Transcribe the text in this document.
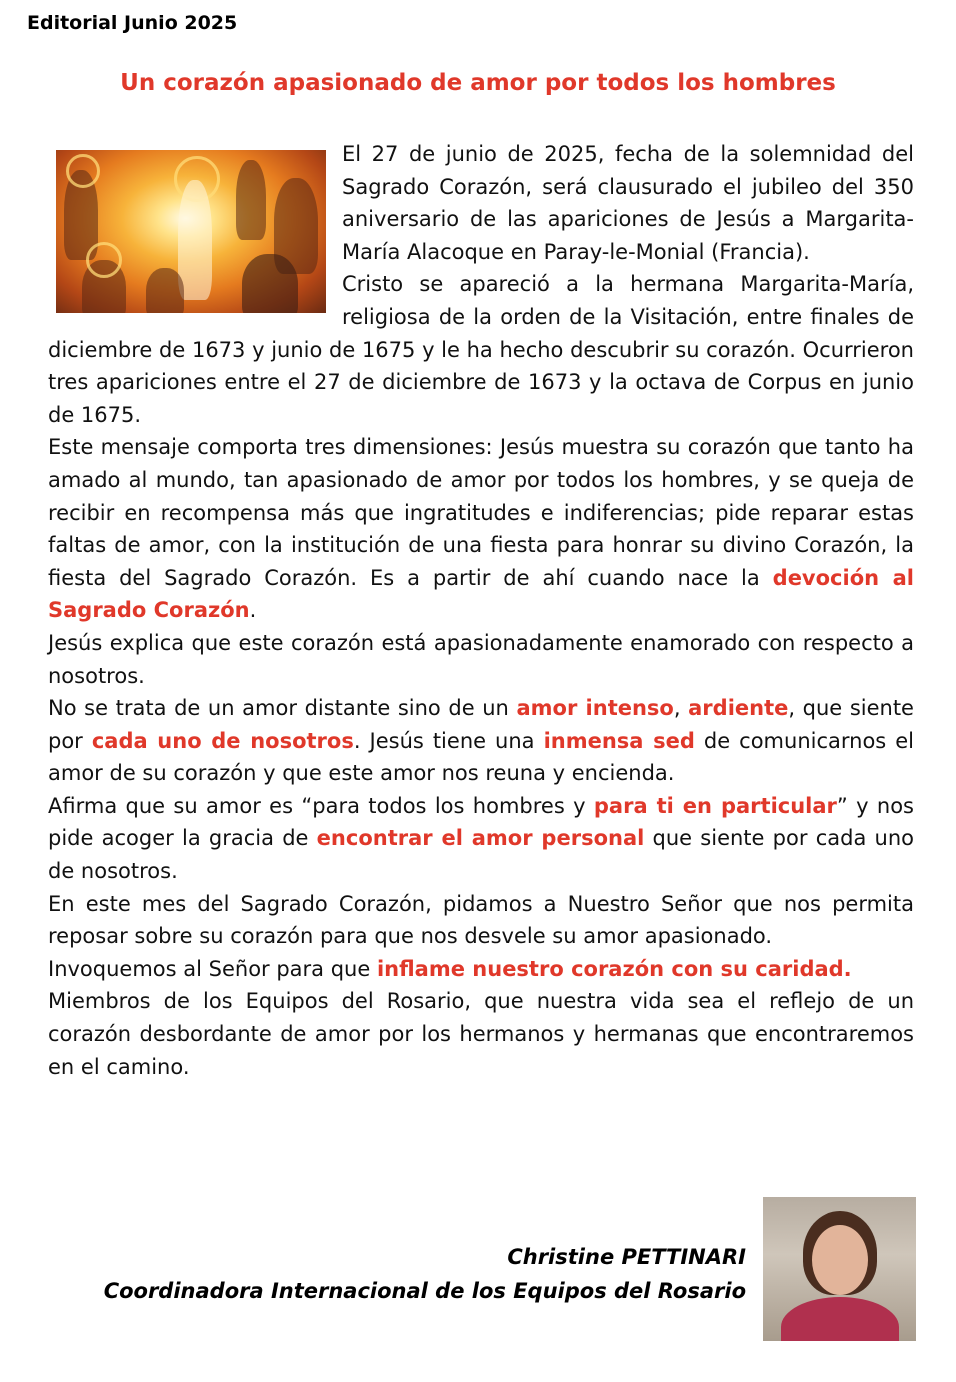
Editorial Junio 2025
Un corazón apasionado de amor por todos los hombres

El 27 de junio de 2025, fecha de la solemnidad del Sagrado Corazón, será clausurado el jubileo del 350 aniversario de las apariciones de Jesús a Margarita-María Alacoque en Paray-le-Monial (Francia).

Cristo se apareció a la hermana Margarita-María, religiosa de la orden de la Visitación, entre finales de diciembre de 1673 y junio de 1675 y le ha hecho descubrir su corazón. Ocurrieron tres apariciones entre el 27 de diciembre de 1673 y la octava de Corpus en junio de 1675.

Este mensaje comporta tres dimensiones: Jesús muestra su corazón que tanto ha amado al mundo, tan apasionado de amor por todos los hombres, y se queja de recibir en recompensa más que ingratitudes e indiferencias; pide reparar estas faltas de amor, con la institución de una fiesta para honrar su divino Corazón, la fiesta del Sagrado Corazón. Es a partir de ahí cuando nace la devoción al Sagrado Corazón.

Jesús explica que este corazón está apasionadamente enamorado con respecto a nosotros.

No se trata de un amor distante sino de un amor intenso, ardiente, que siente por cada uno de nosotros. Jesús tiene una inmensa sed de comunicarnos el amor de su corazón y que este amor nos reuna y encienda.

Afirma que su amor es “para todos los hombres y para ti en particular” y nos pide acoger la gracia de encontrar el amor personal que siente por cada uno de nosotros.

En este mes del Sagrado Corazón, pidamos a Nuestro Señor que nos permita reposar sobre su corazón para que nos desvele su amor apasionado.

Invoquemos al Señor para que inflame nuestro corazón con su caridad.

Miembros de los Equipos del Rosario, que nuestra vida sea el reflejo de un corazón desbordante de amor por los hermanos y hermanas que encontraremos en el camino.

Christine PETTINARI
Coordinadora Internacional de los Equipos del Rosario
